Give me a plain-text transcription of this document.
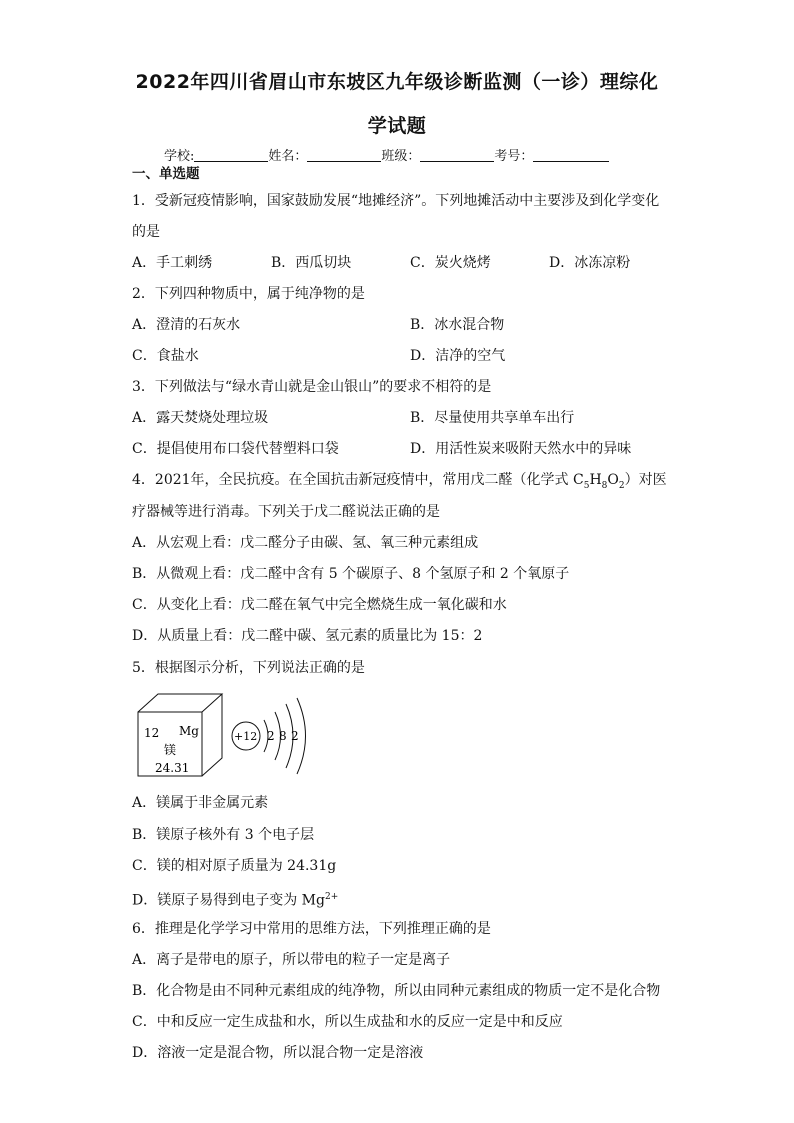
2022年四川省眉山市东坡区九年级诊断监测（一诊）理综化
学试题
学校:	姓名：	班级：	考号：
一、单选题
1．受新冠疫情影响，国家鼓励发展“地摊经济”。下列地摊活动中主要涉及到化学变化
的是
A．手工刺绣	B．西瓜切块	C．炭火烧烤	D．冰冻凉粉
2．下列四种物质中，属于纯净物的是
A．澄清的石灰水	B．冰水混合物
C．食盐水	D．洁净的空气
3．下列做法与“绿水青山就是金山银山”的要求不相符的是
A．露天焚烧处理垃圾	B．尽量使用共享单车出行
C．提倡使用布口袋代替塑料口袋	D．用活性炭来吸附天然水中的异味
4．2021年，全民抗疫。在全国抗击新冠疫情中，常用戊二醛（化学式 $C_5H_8O_2$）对医
疗器械等进行消毒。下列关于戊二醛说法正确的是
A．从宏观上看：戊二醛分子由碳、氢、氧三种元素组成
B．从微观上看：戊二醛中含有 5 个碳原子、8 个氢原子和 2 个氧原子
C．从变化上看：戊二醛在氧气中完全燃烧生成一氧化碳和水
D．从质量上看：戊二醛中碳、氢元素的质量比为 15：2
5．根据图示分析，下列说法正确的是
12 Mg
镁
24.31
+12 2 8 2
A．镁属于非金属元素
B．镁原子核外有 3 个电子层
C．镁的相对原子质量为 24.31g
D．镁原子易得到电子变为 $Mg^{2+}$
6．推理是化学学习中常用的思维方法，下列推理正确的是
A．离子是带电的原子，所以带电的粒子一定是离子
B．化合物是由不同种元素组成的纯净物，所以由同种元素组成的物质一定不是化合物
C．中和反应一定生成盐和水，所以生成盐和水的反应一定是中和反应
D．溶液一定是混合物，所以混合物一定是溶液
